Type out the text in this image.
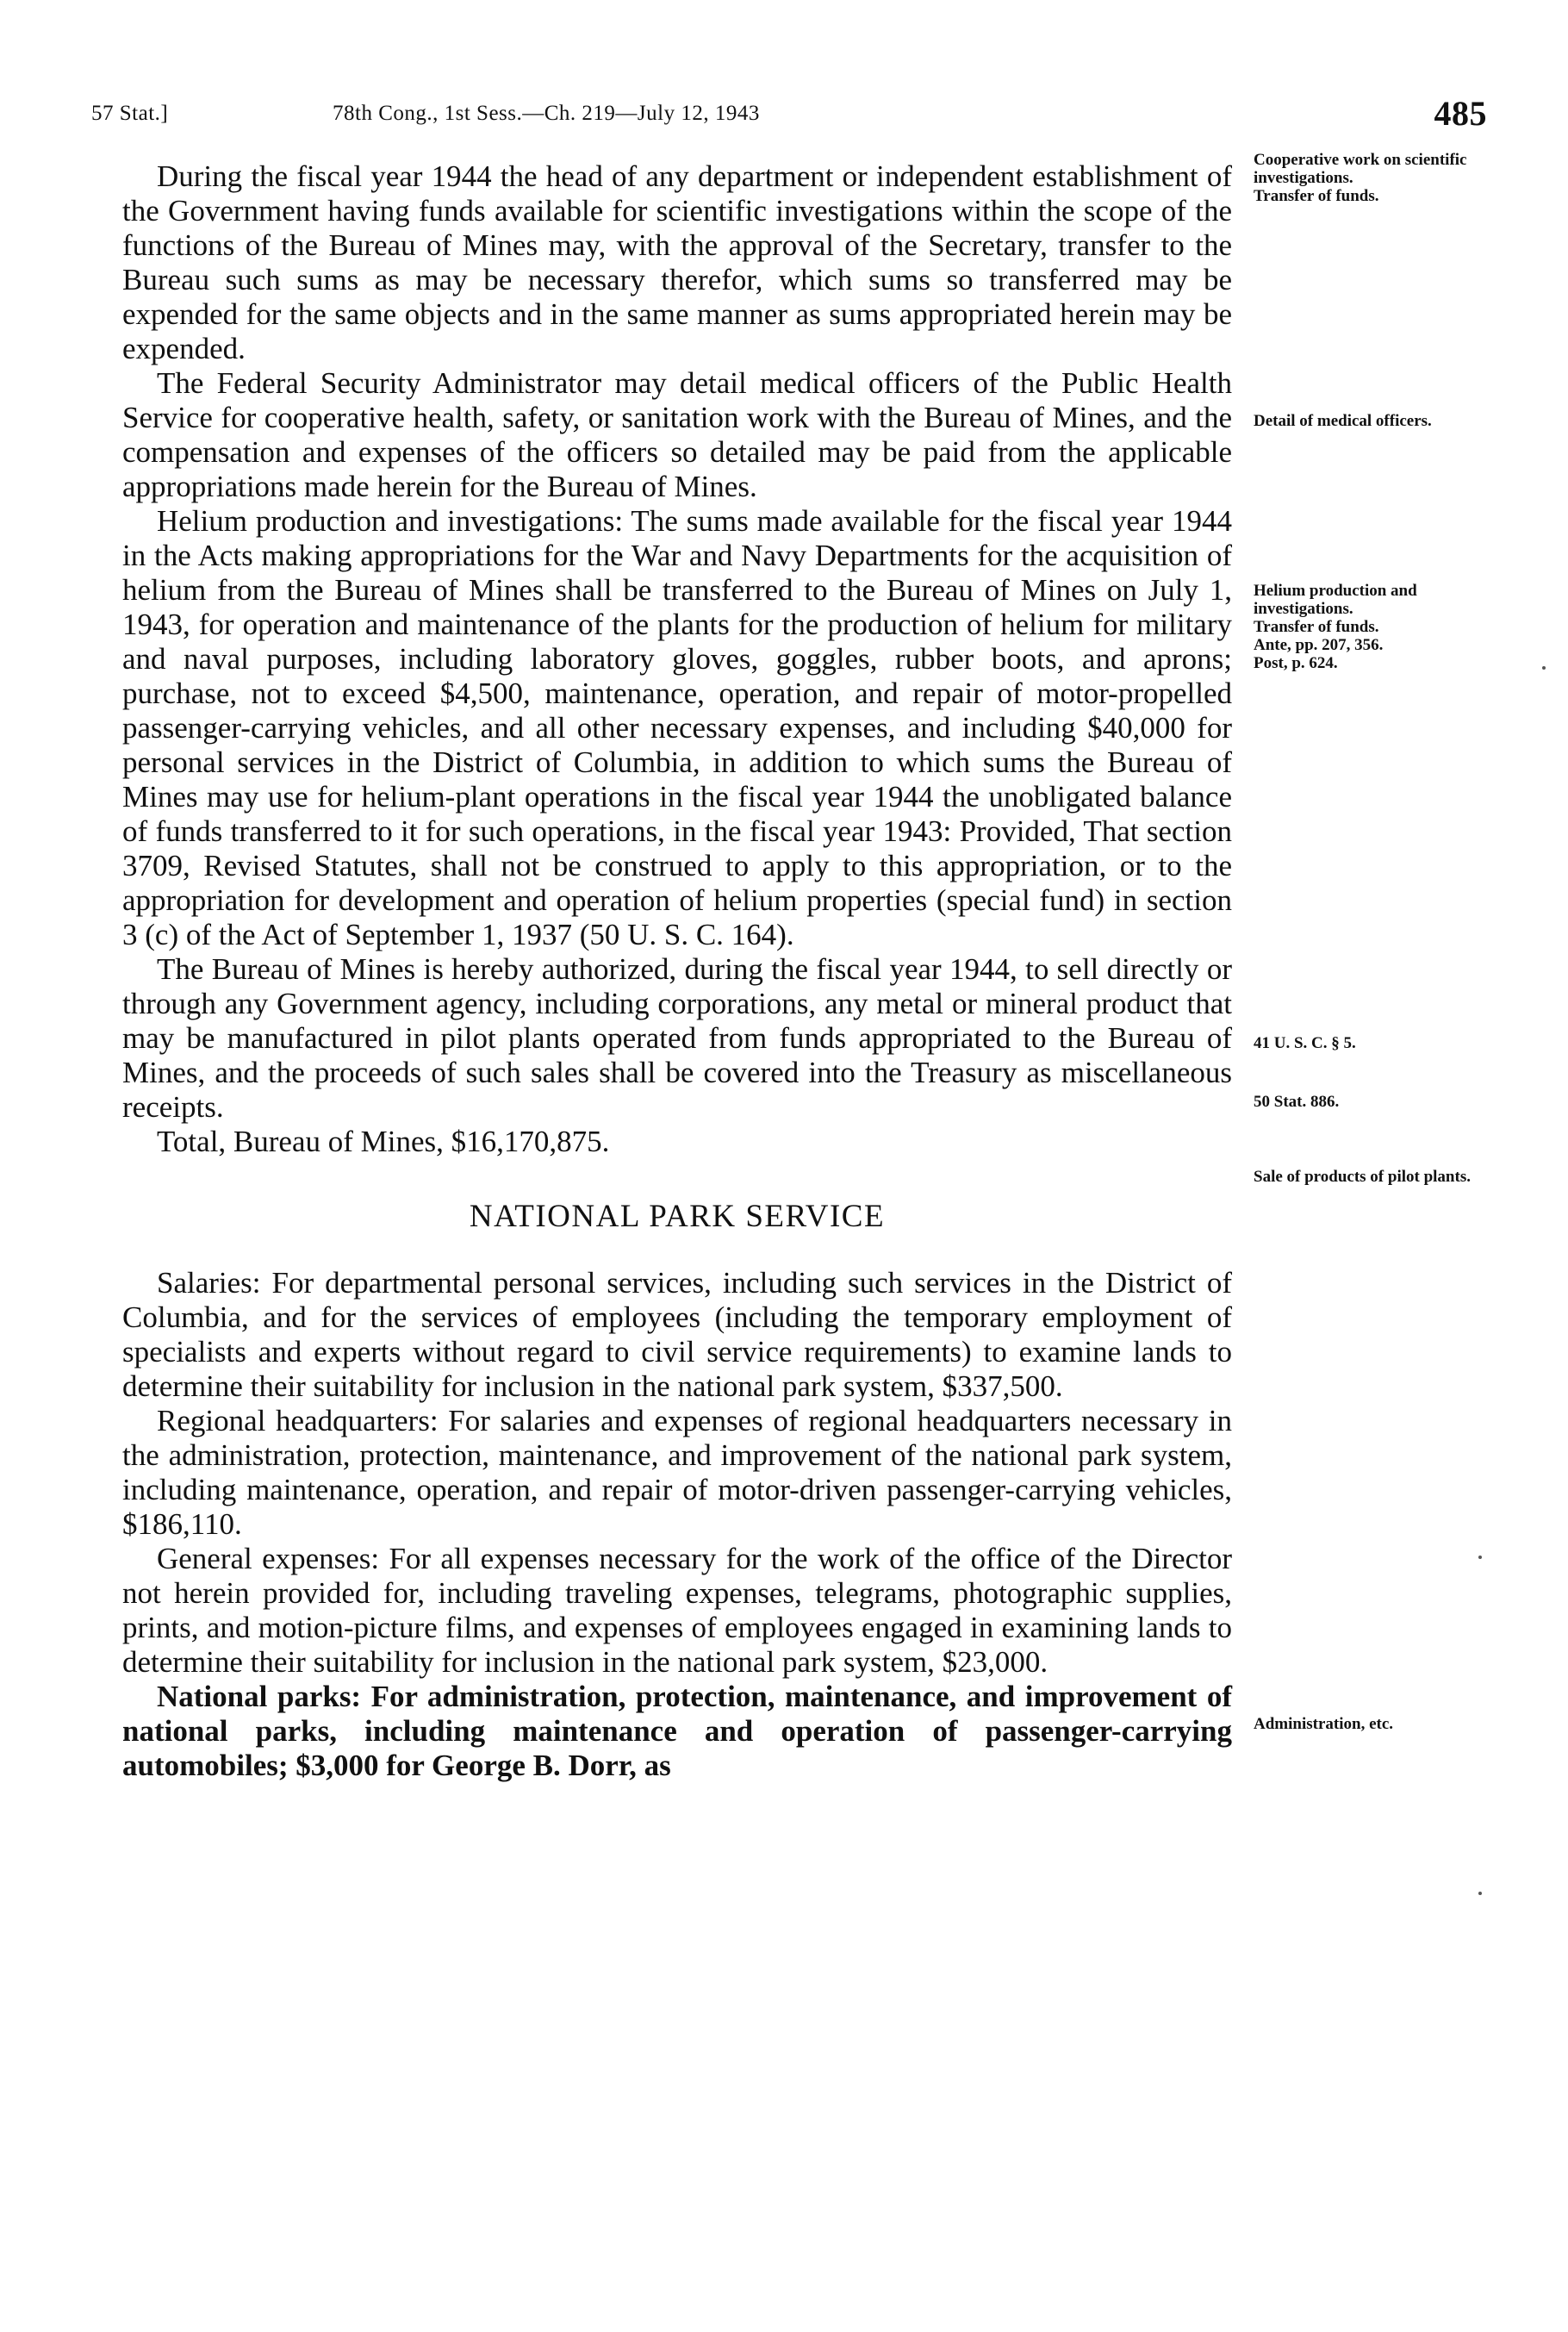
57 Stat.]	78th Cong., 1st Sess.—Ch. 219—July 12, 1943	485

During the fiscal year 1944 the head of any department or independent establishment of the Government having funds available for scientific investigations within the scope of the functions of the Bureau of Mines may, with the approval of the Secretary, transfer to the Bureau such sums as may be necessary therefor, which sums so transferred may be expended for the same objects and in the same manner as sums appropriated herein may be expended.

The Federal Security Administrator may detail medical officers of the Public Health Service for cooperative health, safety, or sanitation work with the Bureau of Mines, and the compensation and expenses of the officers so detailed may be paid from the applicable appropriations made herein for the Bureau of Mines.

Helium production and investigations: The sums made available for the fiscal year 1944 in the Acts making appropriations for the War and Navy Departments for the acquisition of helium from the Bureau of Mines shall be transferred to the Bureau of Mines on July 1, 1943, for operation and maintenance of the plants for the production of helium for military and naval purposes, including laboratory gloves, goggles, rubber boots, and aprons; purchase, not to exceed $4,500, maintenance, operation, and repair of motor-propelled passenger-carrying vehicles, and all other necessary expenses, and including $40,000 for personal services in the District of Columbia, in addition to which sums the Bureau of Mines may use for helium-plant operations in the fiscal year 1944 the unobligated balance of funds transferred to it for such operations, in the fiscal year 1943: Provided, That section 3709, Revised Statutes, shall not be construed to apply to this appropriation, or to the appropriation for development and operation of helium properties (special fund) in section 3 (c) of the Act of September 1, 1937 (50 U. S. C. 164).

The Bureau of Mines is hereby authorized, during the fiscal year 1944, to sell directly or through any Government agency, including corporations, any metal or mineral product that may be manufactured in pilot plants operated from funds appropriated to the Bureau of Mines, and the proceeds of such sales shall be covered into the Treasury as miscellaneous receipts.

Total, Bureau of Mines, $16,170,875.

NATIONAL PARK SERVICE

Salaries: For departmental personal services, including such services in the District of Columbia, and for the services of employees (including the temporary employment of specialists and experts without regard to civil service requirements) to examine lands to determine their suitability for inclusion in the national park system, $337,500.

Regional headquarters: For salaries and expenses of regional headquarters necessary in the administration, protection, maintenance, and improvement of the national park system, including maintenance, operation, and repair of motor-driven passenger-carrying vehicles, $186,110.

General expenses: For all expenses necessary for the work of the office of the Director not herein provided for, including traveling expenses, telegrams, photographic supplies, prints, and motion-picture films, and expenses of employees engaged in examining lands to determine their suitability for inclusion in the national park system, $23,000.

National parks: For administration, protection, maintenance, and improvement of national parks, including maintenance and operation of passenger-carrying automobiles; $3,000 for George B. Dorr, as

Cooperative work on scientific investigations.
Transfer of funds.
Detail of medical officers.
Helium production and investigations.
Transfer of funds.
Ante, pp. 207, 356.
Post, p. 624.
41 U. S. C. § 5.
50 Stat. 886.
Sale of products of pilot plants.
Administration, etc.
